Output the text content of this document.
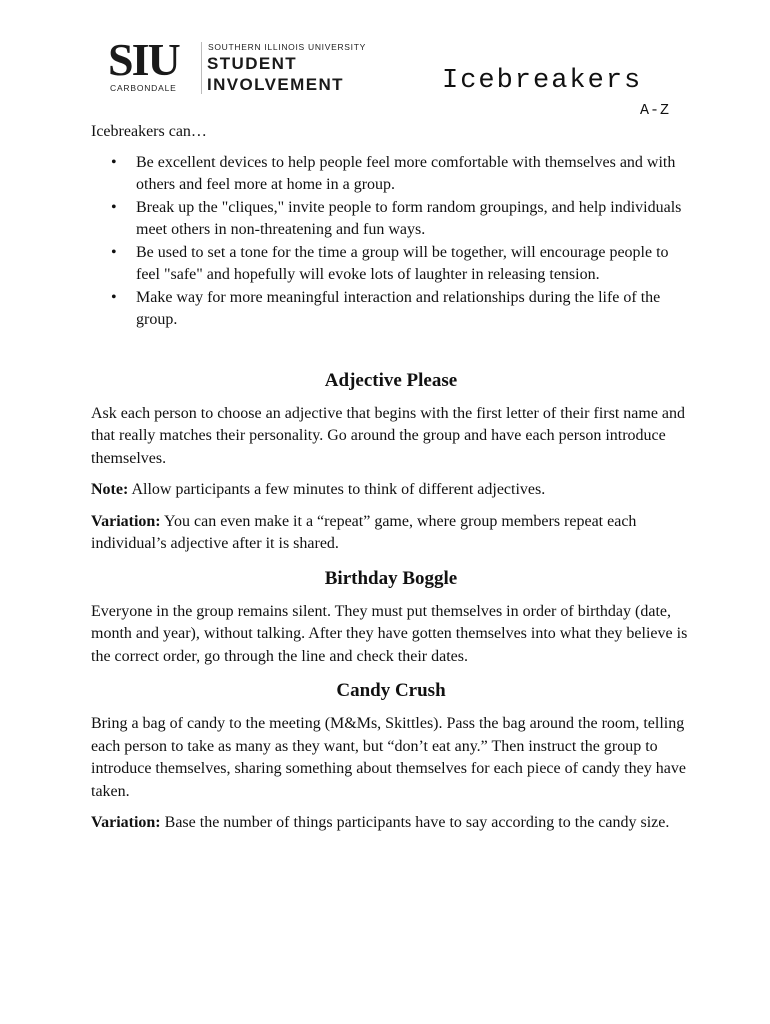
SIU
CARBONDALE
SOUTHERN ILLINOIS UNIVERSITY
STUDENT
INVOLVEMENT	Icebreakers
A-Z

Icebreakers can…

• Be excellent devices to help people feel more comfortable with themselves and with others and feel more at home in a group.
• Break up the "cliques," invite people to form random groupings, and help individuals meet others in non-threatening and fun ways.
• Be used to set a tone for the time a group will be together, will encourage people to feel "safe" and hopefully will evoke lots of laughter in releasing tension.
• Make way for more meaningful interaction and relationships during the life of the group.
Adjective Please

Ask each person to choose an adjective that begins with the first letter of their first name and that really matches their personality. Go around the group and have each person introduce themselves.

Note: Allow participants a few minutes to think of different adjectives.

Variation: You can even make it a “repeat” game, where group members repeat each individual’s adjective after it is shared.

Birthday Boggle

Everyone in the group remains silent. They must put themselves in order of birthday (date, month and year), without talking. After they have gotten themselves into what they believe is the correct order, go through the line and check their dates.

Candy Crush

Bring a bag of candy to the meeting (M&Ms, Skittles). Pass the bag around the room, telling each person to take as many as they want, but “don’t eat any.” Then instruct the group to introduce themselves, sharing something about themselves for each piece of candy they have taken.

Variation: Base the number of things participants have to say according to the candy size.
